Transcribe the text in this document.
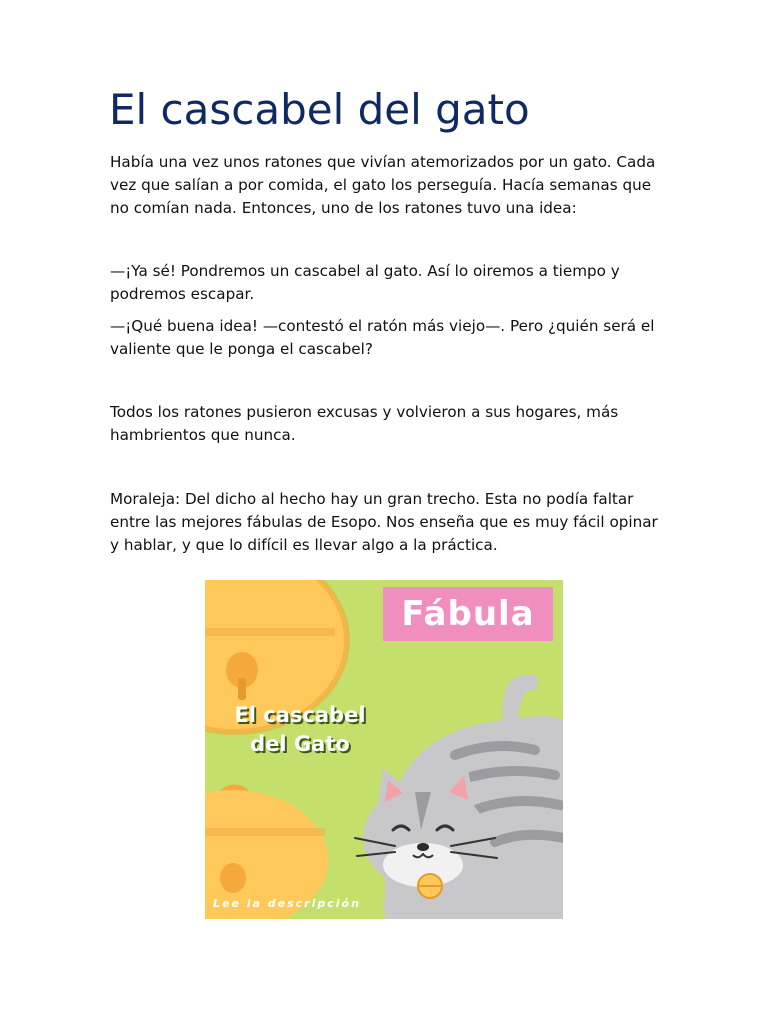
El cascabel del gato

Había una vez unos ratones que vivían atemorizados por un gato. Cada vez que salían a por comida, el gato los perseguía. Hacía semanas que no comían nada. Entonces, uno de los ratones tuvo una idea:

—¡Ya sé! Pondremos un cascabel al gato. Así lo oiremos a tiempo y podremos escapar.

—¡Qué buena idea! —contestó el ratón más viejo—. Pero ¿quién será el valiente que le ponga el cascabel?

Todos los ratones pusieron excusas y volvieron a sus hogares, más hambrientos que nunca.

Moraleja: Del dicho al hecho hay un gran trecho. Esta no podía faltar entre las mejores fábulas de Esopo. Nos enseña que es muy fácil opinar y hablar, y que lo difícil es llevar algo a la práctica.

Fábula
El cascabel
del Gato
Lee la descripción
